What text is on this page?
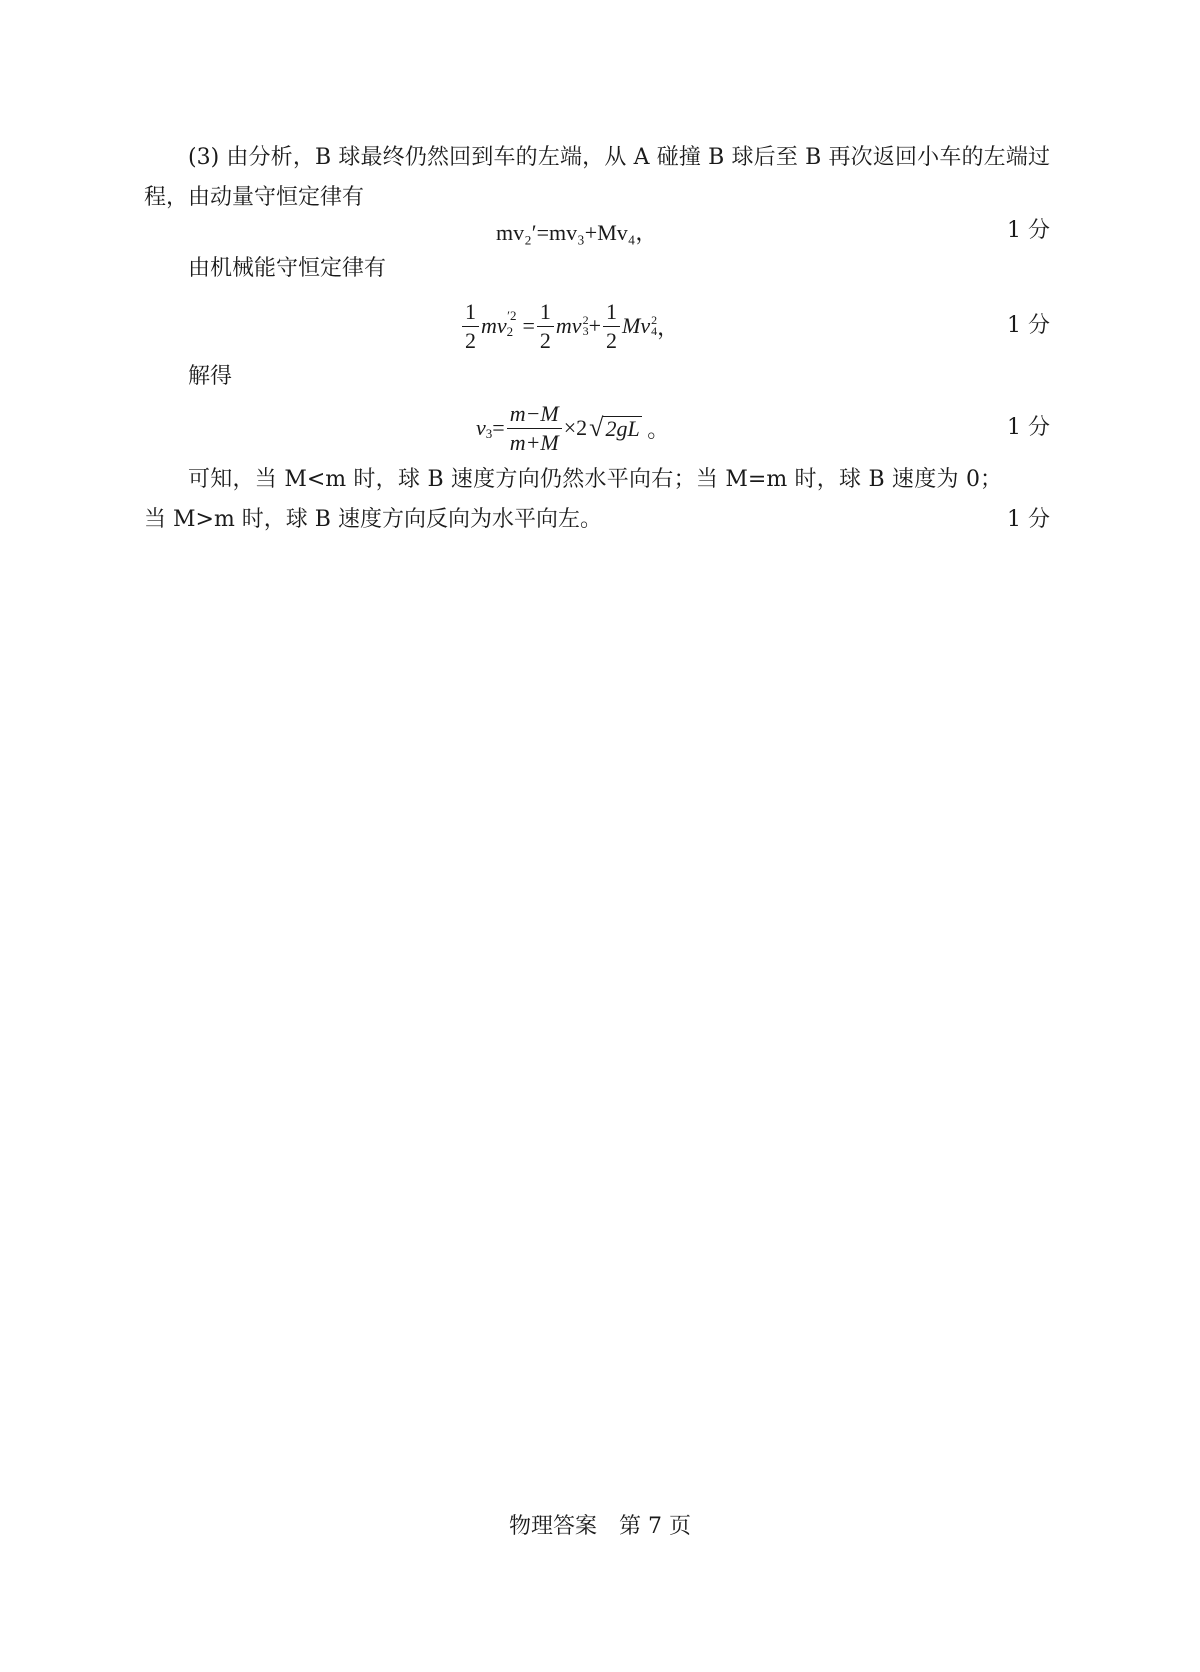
(3) 由分析，B 球最终仍然回到车的左端，从 A 碰撞 B 球后至 B 再次返回小车的左端过程，由动量守恒定律有
mv₂′=mv₃+Mv₄，	1 分
由机械能守恒定律有
$\frac{1}{2} mv_2$
$^{'2} = \frac{1}{2}$ mv 2
$3 + \frac{1}{2}$ Mv 2
4 ，	1 分
解得
$v_3 = \frac{m-M}{m+M} \times 2$ √ 2gL 。	1 分
可知，当 M<m 时，球 B 速度方向仍然水平向右；当 M=m 时，球 B 速度为 0；当 M>m 时，球 B 速度方向反向为水平向左。	1 分
物理答案　第 7 页
